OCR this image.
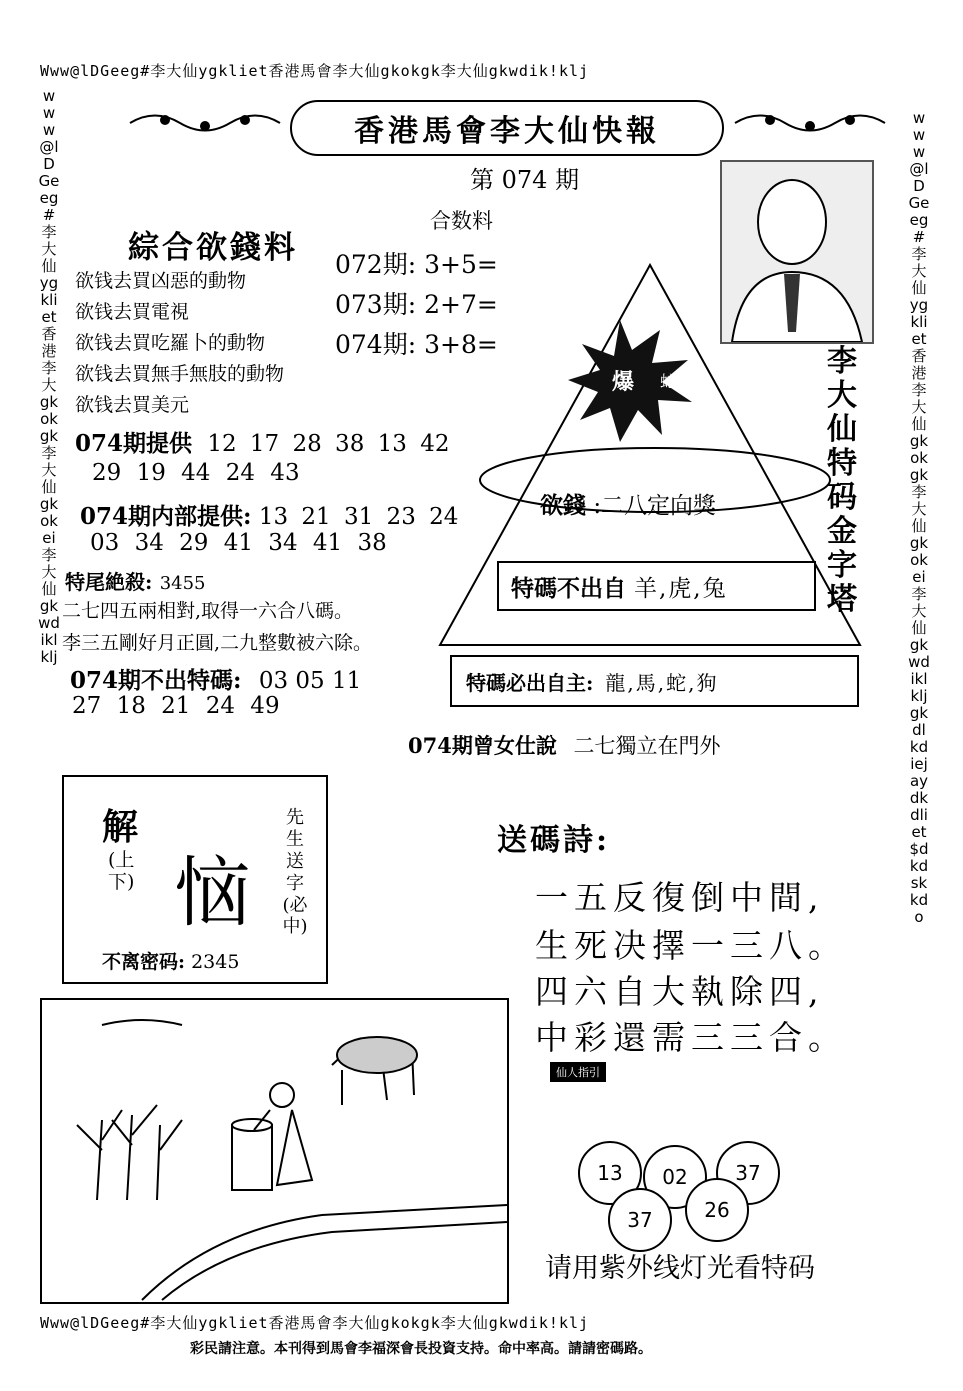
Www@lDGeeg#李大仙ygkliet香港馬會李大仙gkokgk李大仙gkwdik!klj
www@lDGeeg#李大仙ygkliet香港李大gkokgk李大仙gkokei李大仙gkwdiklklj
www@lDGeeg#李大仙ygkliet香港李大仙gkokgk李大仙gkokei李大仙gkwdiklkljgkdlkdiejaydkdliet$dkdskkdo
Www@lDGeeg#李大仙ygkliet香港馬會李大仙gkokgk李大仙gkwdik!klj
香港馬會李大仙快報
第 074 期
合数料
072期: 3+5=
073期: 2+7=
074期: 3+8=
綜合欲錢料
欲钱去買凶惡的動物
欲钱去買電視
欲钱去買吃羅卜的動物
欲钱去買無手無肢的動物
欲钱去買美元
074期提供 12 17 28 38 13 42
29 19 44 24 43
074期内部提供: 13 21 31 23 24
03 34 29 41 34 41 38
特尾絶殺: 3455
二七四五兩相對,取得一六合八碼。
李三五剛好月正圓,二九整數被六除。
074期不出特碼: 03 05 11
27 18 21 24 49
爆 蛇
李大仙特码金字塔
欲錢 :二八定向獎
特碼不出自 羊,虎,兔
特碼必出自主: 龍,馬,蛇,狗
074期曾女仕說 二七獨立在門外
解
(上下) 恼
先生送字
(必中)
不离密码: 2345
送碼詩:
一五反復倒中間,
生死决擇一三八。
四六自大執除四,
中彩還需三三合。
仙人指引
13	02	37
37	26
请用紫外线灯光看特码
彩民請注意。本刊得到馬會李福深會長投資支持。命中率高。請請密碼路。
